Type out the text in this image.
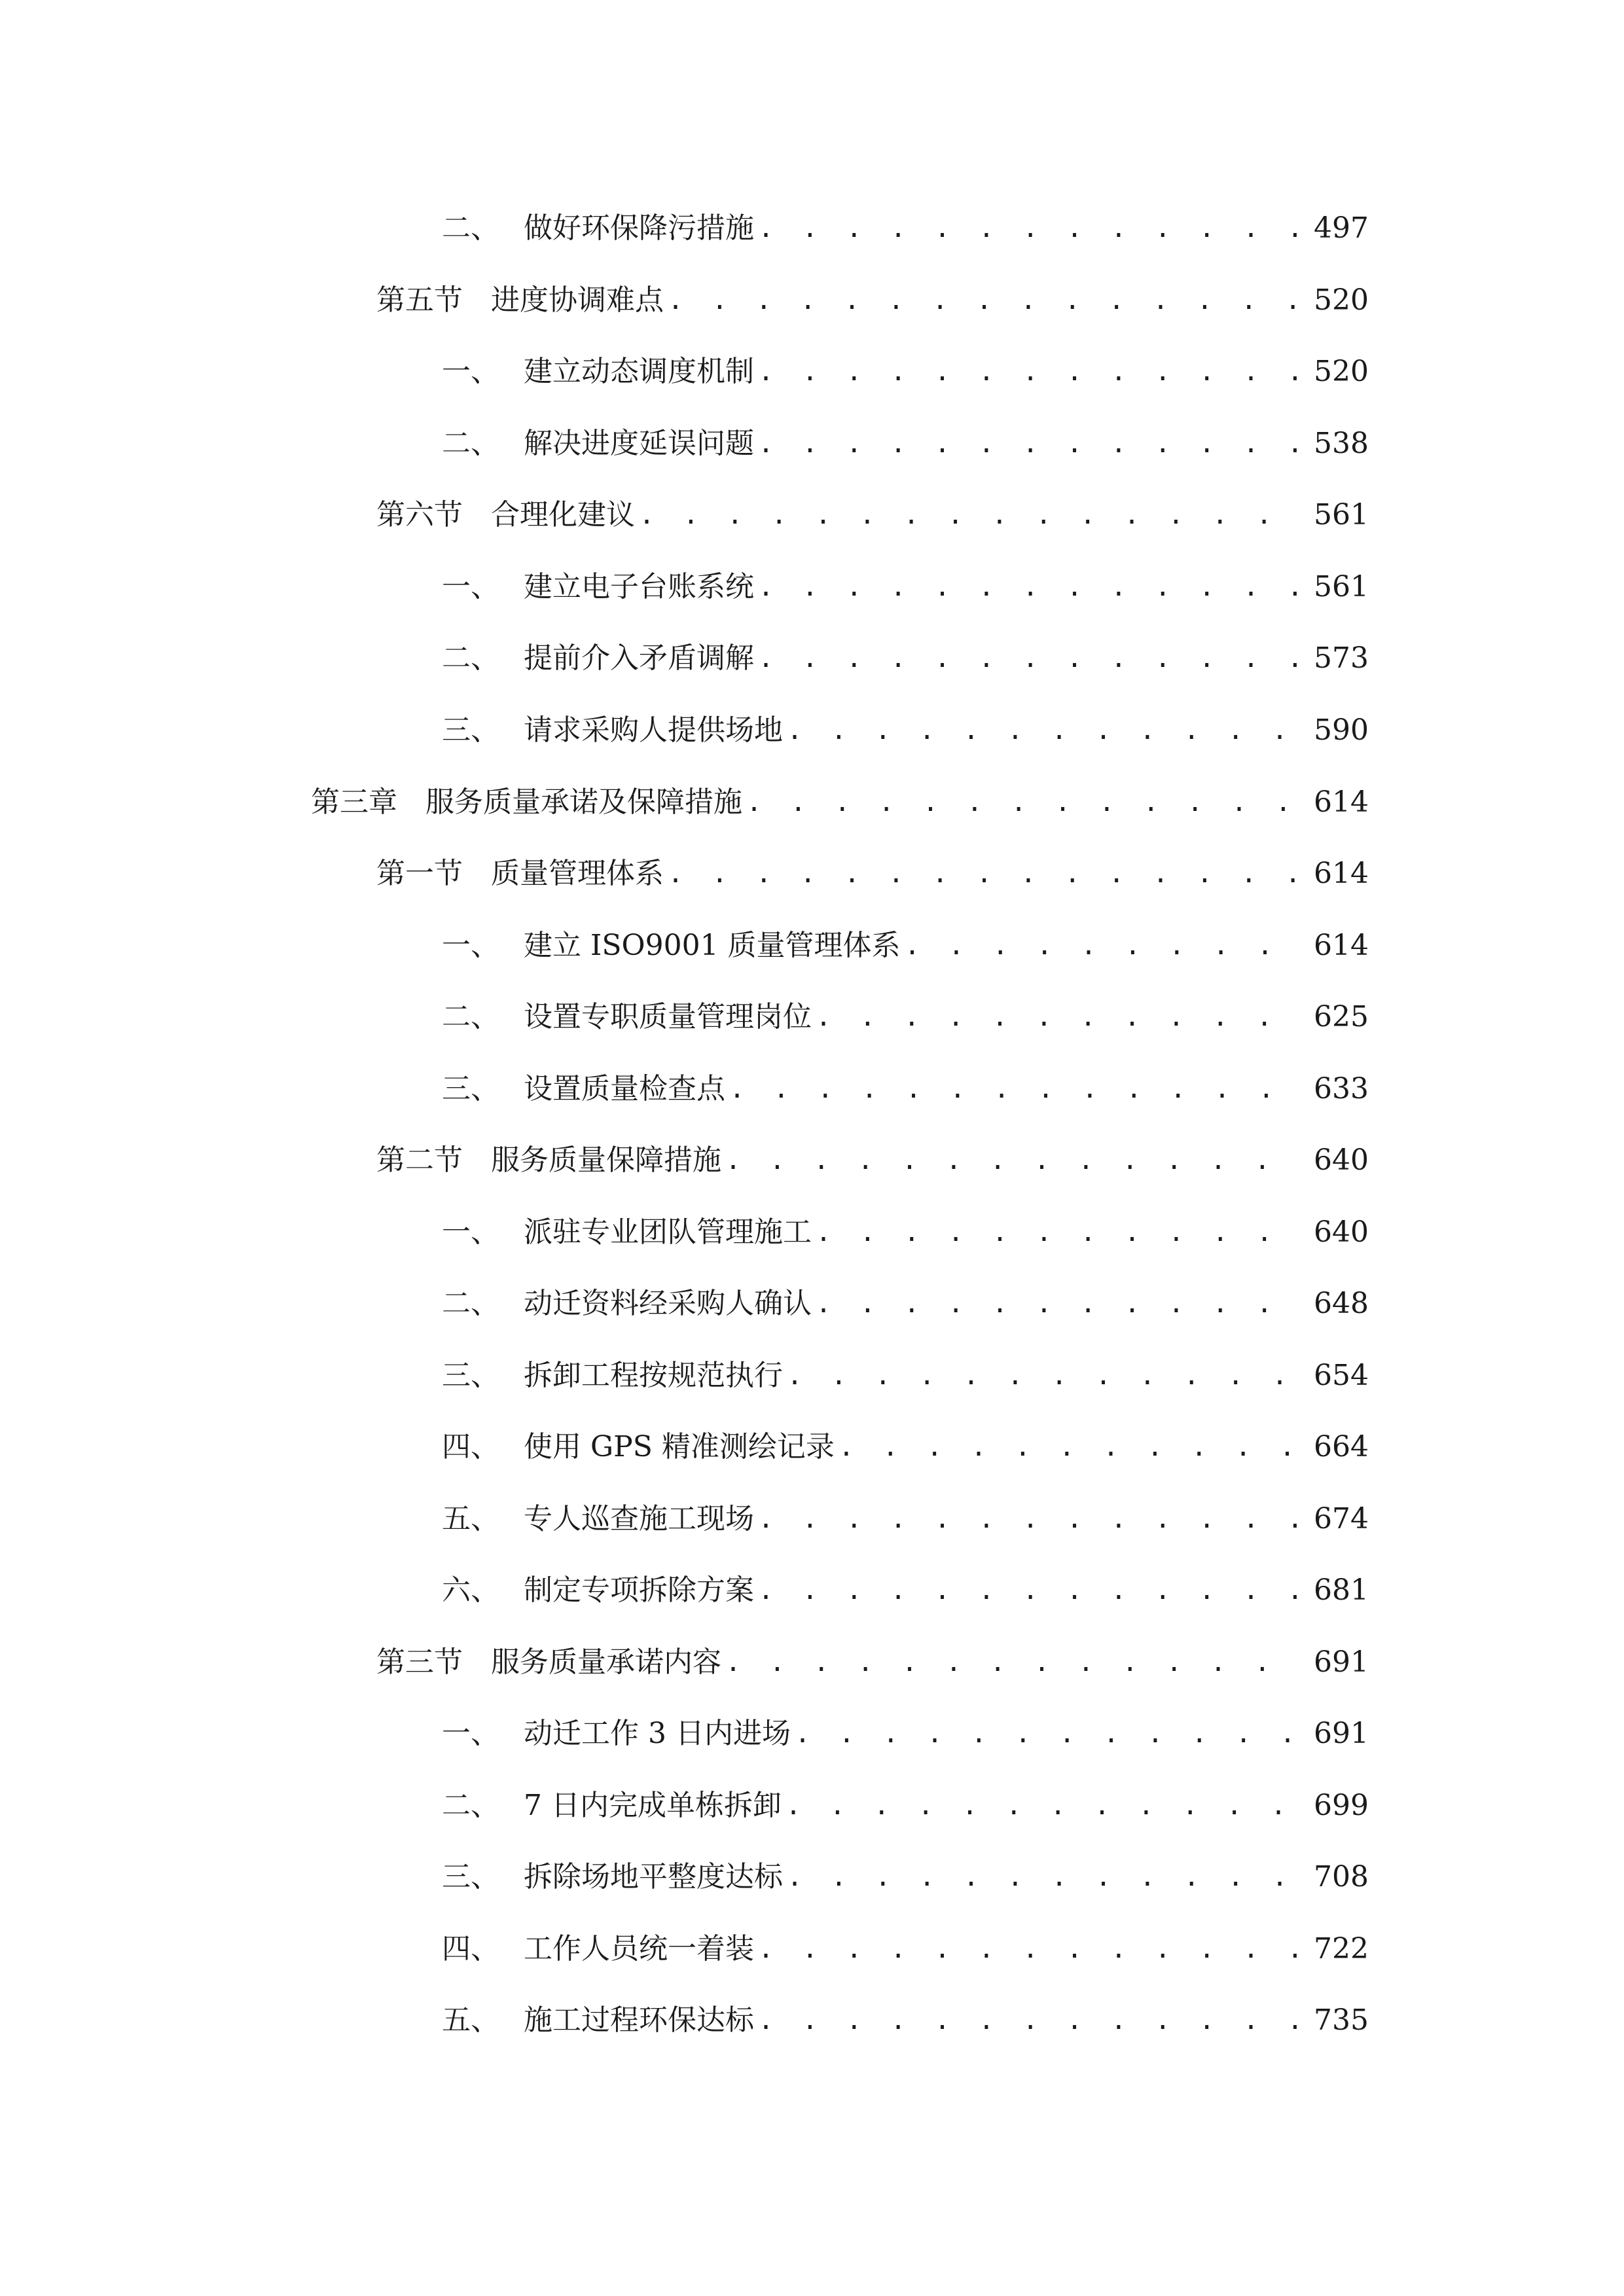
二、 做好环保降污措施 . . .	497
第五节 进度协调难点 . . .	520
一、 建立动态调度机制 . . .	520
二、 解决进度延误问题 . . .	538
第六节 合理化建议 . . .	561
一、 建立电子台账系统 . . .	561
二、 提前介入矛盾调解 . . .	573
三、 请求采购人提供场地 . . .	590
第三章 服务质量承诺及保障措施 . . .	614
第一节 质量管理体系 . . .	614
一、 建立 ISO9001 质量管理体系 . . .	614
二、 设置专职质量管理岗位 . . .	625
三、 设置质量检查点 . . .	633
第二节 服务质量保障措施 . . .	640
一、 派驻专业团队管理施工 . . .	640
二、 动迁资料经采购人确认 . . .	648
三、 拆卸工程按规范执行 . . .	654
四、 使用 GPS 精准测绘记录 . . .	664
五、 专人巡查施工现场 . . .	674
六、 制定专项拆除方案 . . .	681
第三节 服务质量承诺内容 . . .	691
一、 动迁工作 3 日内进场 . . .	691
二、 7 日内完成单栋拆卸 . . .	699
三、 拆除场地平整度达标 . . .	708
四、 工作人员统一着装 . . .	722
五、 施工过程环保达标 . . .	735
